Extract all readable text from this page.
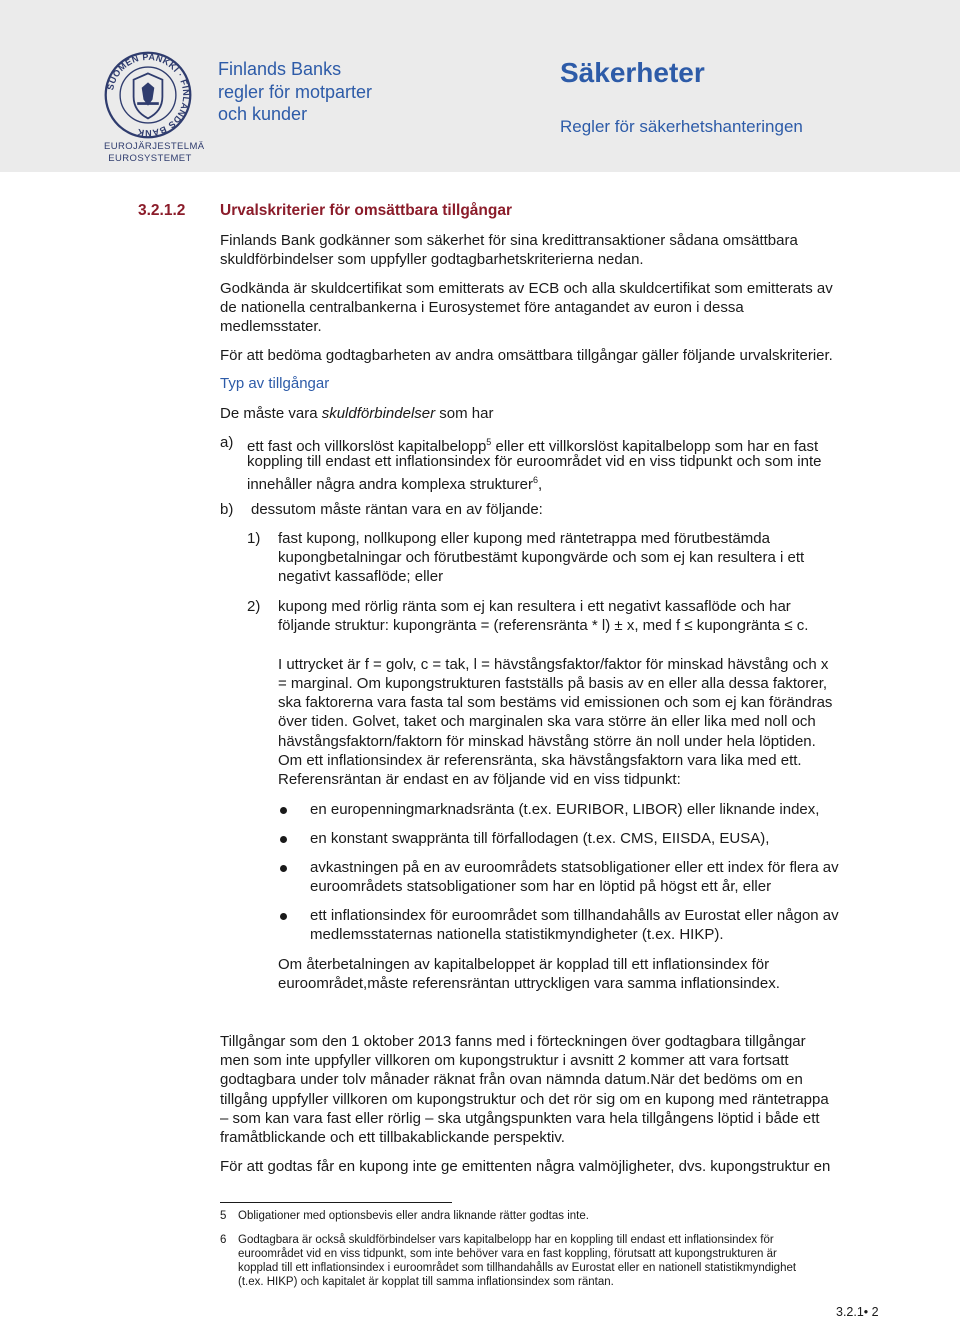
SUOMEN PANKKI · FINLANDS BANK
EUROJÄRJESTELMÄ
EUROSYSTEMET
Finlands Banks
regler för motparter
och kunder
Säkerheter
Regler för säkerhetshanteringen
3.2.1.2 Urvalskriterier för omsättbara tillgångar
Finlands Bank godkänner som säkerhet för sina kredittransaktioner sådana omsättbara
skuldförbindelser som uppfyller godtagbarhetskriterierna nedan.
Godkända är skuldcertifikat som emitterats av ECB och alla skuldcertifikat som emitterats av
de nationella centralbankerna i Eurosystemet före antagandet av euron i dessa
medlemsstater.
För att bedöma godtagbarheten av andra omsättbara tillgångar gäller följande urvalskriterier.
Typ av tillgångar
De måste vara skuldförbindelser som har
a) ett fast och villkorslöst kapitalbelopp$^5$ eller ett villkorslöst kapitalbelopp som har en fast
koppling till endast ett inflationsindex för euroområdet vid en viss tidpunkt och som inte
innehåller några andra komplexa strukturer$^6$,
b) dessutom måste räntan vara en av följande:
1) fast kupong, nollkupong eller kupong med räntetrappa med förutbestämda
kupongbetalningar och förutbestämt kupongvärde och som ej kan resultera i ett
negativt kassaflöde; eller
2) kupong med rörlig ränta som ej kan resultera i ett negativt kassaflöde och har
följande struktur: kupongränta = (referensränta * l) ± x, med f ≤ kupongränta ≤ c.
I uttrycket är f = golv, c = tak, l = hävstångsfaktor/faktor för minskad hävstång och x
= marginal. Om kupongstrukturen fastställs på basis av en eller alla dessa faktorer,
ska faktorerna vara fasta tal som bestäms vid emissionen och som ej kan förändras
över tiden. Golvet, taket och marginalen ska vara större än eller lika med noll och
hävstångsfaktorn/faktorn för minskad hävstång större än noll under hela löptiden.
Om ett inflationsindex är referensränta, ska hävstångsfaktorn vara lika med ett.
Referensräntan är endast en av följande vid en viss tidpunkt:
en europenningmarknadsränta (t.ex. EURIBOR, LIBOR) eller liknande index,
en konstant swappränta till förfallodagen (t.ex. CMS, EIISDA, EUSA),
avkastningen på en av euroområdets statsobligationer eller ett index för flera av
euroområdets statsobligationer som har en löptid på högst ett år, eller
ett inflationsindex för euroområdet som tillhandahålls av Eurostat eller någon av
medlemsstaternas nationella statistikmyndigheter (t.ex. HIKP).
Om återbetalningen av kapitalbeloppet är kopplad till ett inflationsindex för
euroområdet,måste referensräntan uttryckligen vara samma inflationsindex.
Tillgångar som den 1 oktober 2013 fanns med i förteckningen över godtagbara tillgångar
men som inte uppfyller villkoren om kupongstruktur i avsnitt 2 kommer att vara fortsatt
godtagbara under tolv månader räknat från ovan nämnda datum.När det bedöms om en
tillgång uppfyller villkoren om kupongstruktur och det rör sig om en kupong med räntetrappa
– som kan vara fast eller rörlig – ska utgångspunkten vara hela tillgångens löptid i både ett
framåtblickande och ett tillbakablickande perspektiv.
För att godtas får en kupong inte ge emittenten några valmöjligheter, dvs. kupongstruktur en
5 Obligationer med optionsbevis eller andra liknande rätter godtas inte.
6 Godtagbara är också skuldförbindelser vars kapitalbelopp har en koppling till endast ett inflationsindex för
euroområdet vid en viss tidpunkt, som inte behöver vara en fast koppling, förutsatt att kupongstrukturen är
kopplad till ett inflationsindex i euroområdet som tillhandahålls av Eurostat eller en nationell statistikmyndighet
(t.ex. HIKP) och kapitalet är kopplat till samma inflationsindex som räntan.
3.2.1• 2
